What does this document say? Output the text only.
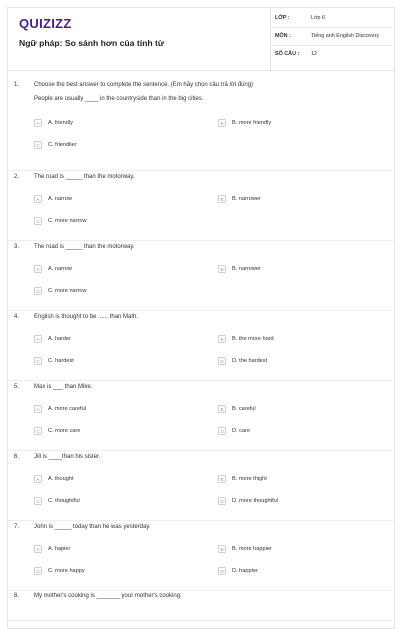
QUIZIZZ
Ngữ pháp: So sánh hơn của tính từ
LỚP :	Lớp 6
MÔN :	Tiếng anh English Discovery
SỐ CÂU : 12
1. Choose the best answer to complete the sentence. (Em hãy chọn câu trả lời đúng)
People are usually ____ in the countryside than in the big cities.
A	A. friendly	B	B. more friendly
C	C. friendlier
2. The road is _____ than the motorway.
A	A. narrow	B	B. narrower
C	C. more narrow
3. The road is _____ than the motorway.
A	A. narrow	B	B. narrower
C	C. more narrow
4. English is thought to be ...... than Math.
A	A. harder	B	B. the more hard
C	C. hardest	D	D. the hardest
5. Max is ___ than Mike.
A	A. more careful	B	B. careful
C	C. more care	D	D. care
6. Jill is ____than his sister.
A	A. thought	B	B. more thight
C	C. thoughtful	D	D. more thoughtful
7. John is _____ today than he was yesterday.
A	A. hapier	B	B. more happier
C	C. more happy	D	D. happier
8. My mother's cooking is _______ your mother's cooking.
